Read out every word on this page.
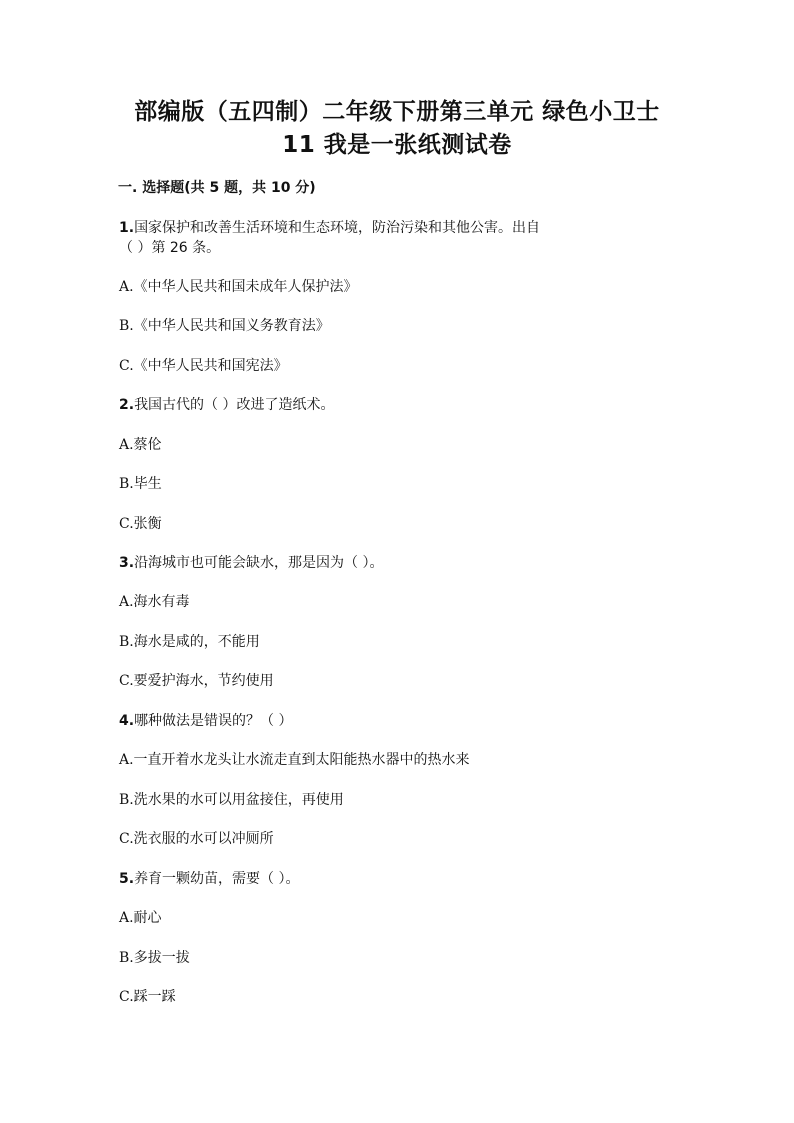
部编版（五四制）二年级下册第三单元 绿色小卫士
11 我是一张纸测试卷
一. 选择题(共 5 题，共 10 分)
1.国家保护和改善生活环境和生态环境，防治污染和其他公害。出自
（ ）第 26 条。
A.《中华人民共和国未成年人保护法》
B.《中华人民共和国义务教育法》
C.《中华人民共和国宪法》
2.我国古代的（ ）改进了造纸术。
A.蔡伦
B.毕生
C.张衡
3.沿海城市也可能会缺水，那是因为（ ）。
A.海水有毒
B.海水是咸的，不能用
C.要爱护海水，节约使用
4.哪种做法是错误的？（ ）
A.一直开着水龙头让水流走直到太阳能热水器中的热水来
B.洗水果的水可以用盆接住，再使用
C.洗衣服的水可以冲厕所
5.养育一颗幼苗，需要（ ）。
A.耐心
B.多拔一拔
C.踩一踩
